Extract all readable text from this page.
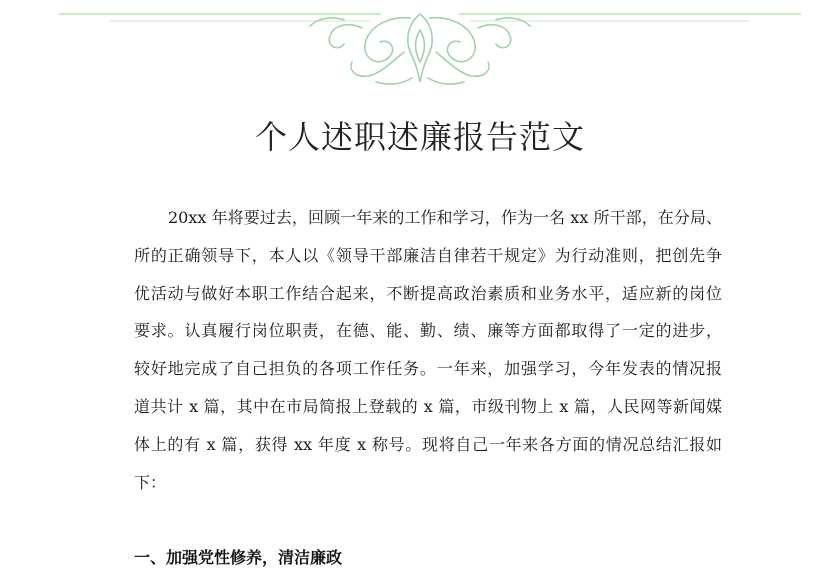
个人述职述廉报告范文
20xx 年将要过去，回顾一年来的工作和学习，作为一名 xx 所干部，在分局、
所的正确领导下，本人以《领导干部廉洁自律若干规定》为行动准则，把创先争
优活动与做好本职工作结合起来，不断提高政治素质和业务水平，适应新的岗位
要求。认真履行岗位职责，在德、能、勤、绩、廉等方面都取得了一定的进步，
较好地完成了自己担负的各项工作任务。一年来，加强学习，今年发表的情况报
道共计 x 篇，其中在市局简报上登载的 x 篇，市级刊物上 x 篇，人民网等新闻媒
体上的有 x 篇，获得 xx 年度 x 称号。现将自己一年来各方面的情况总结汇报如
下：
一、加强党性修养，清洁廉政
